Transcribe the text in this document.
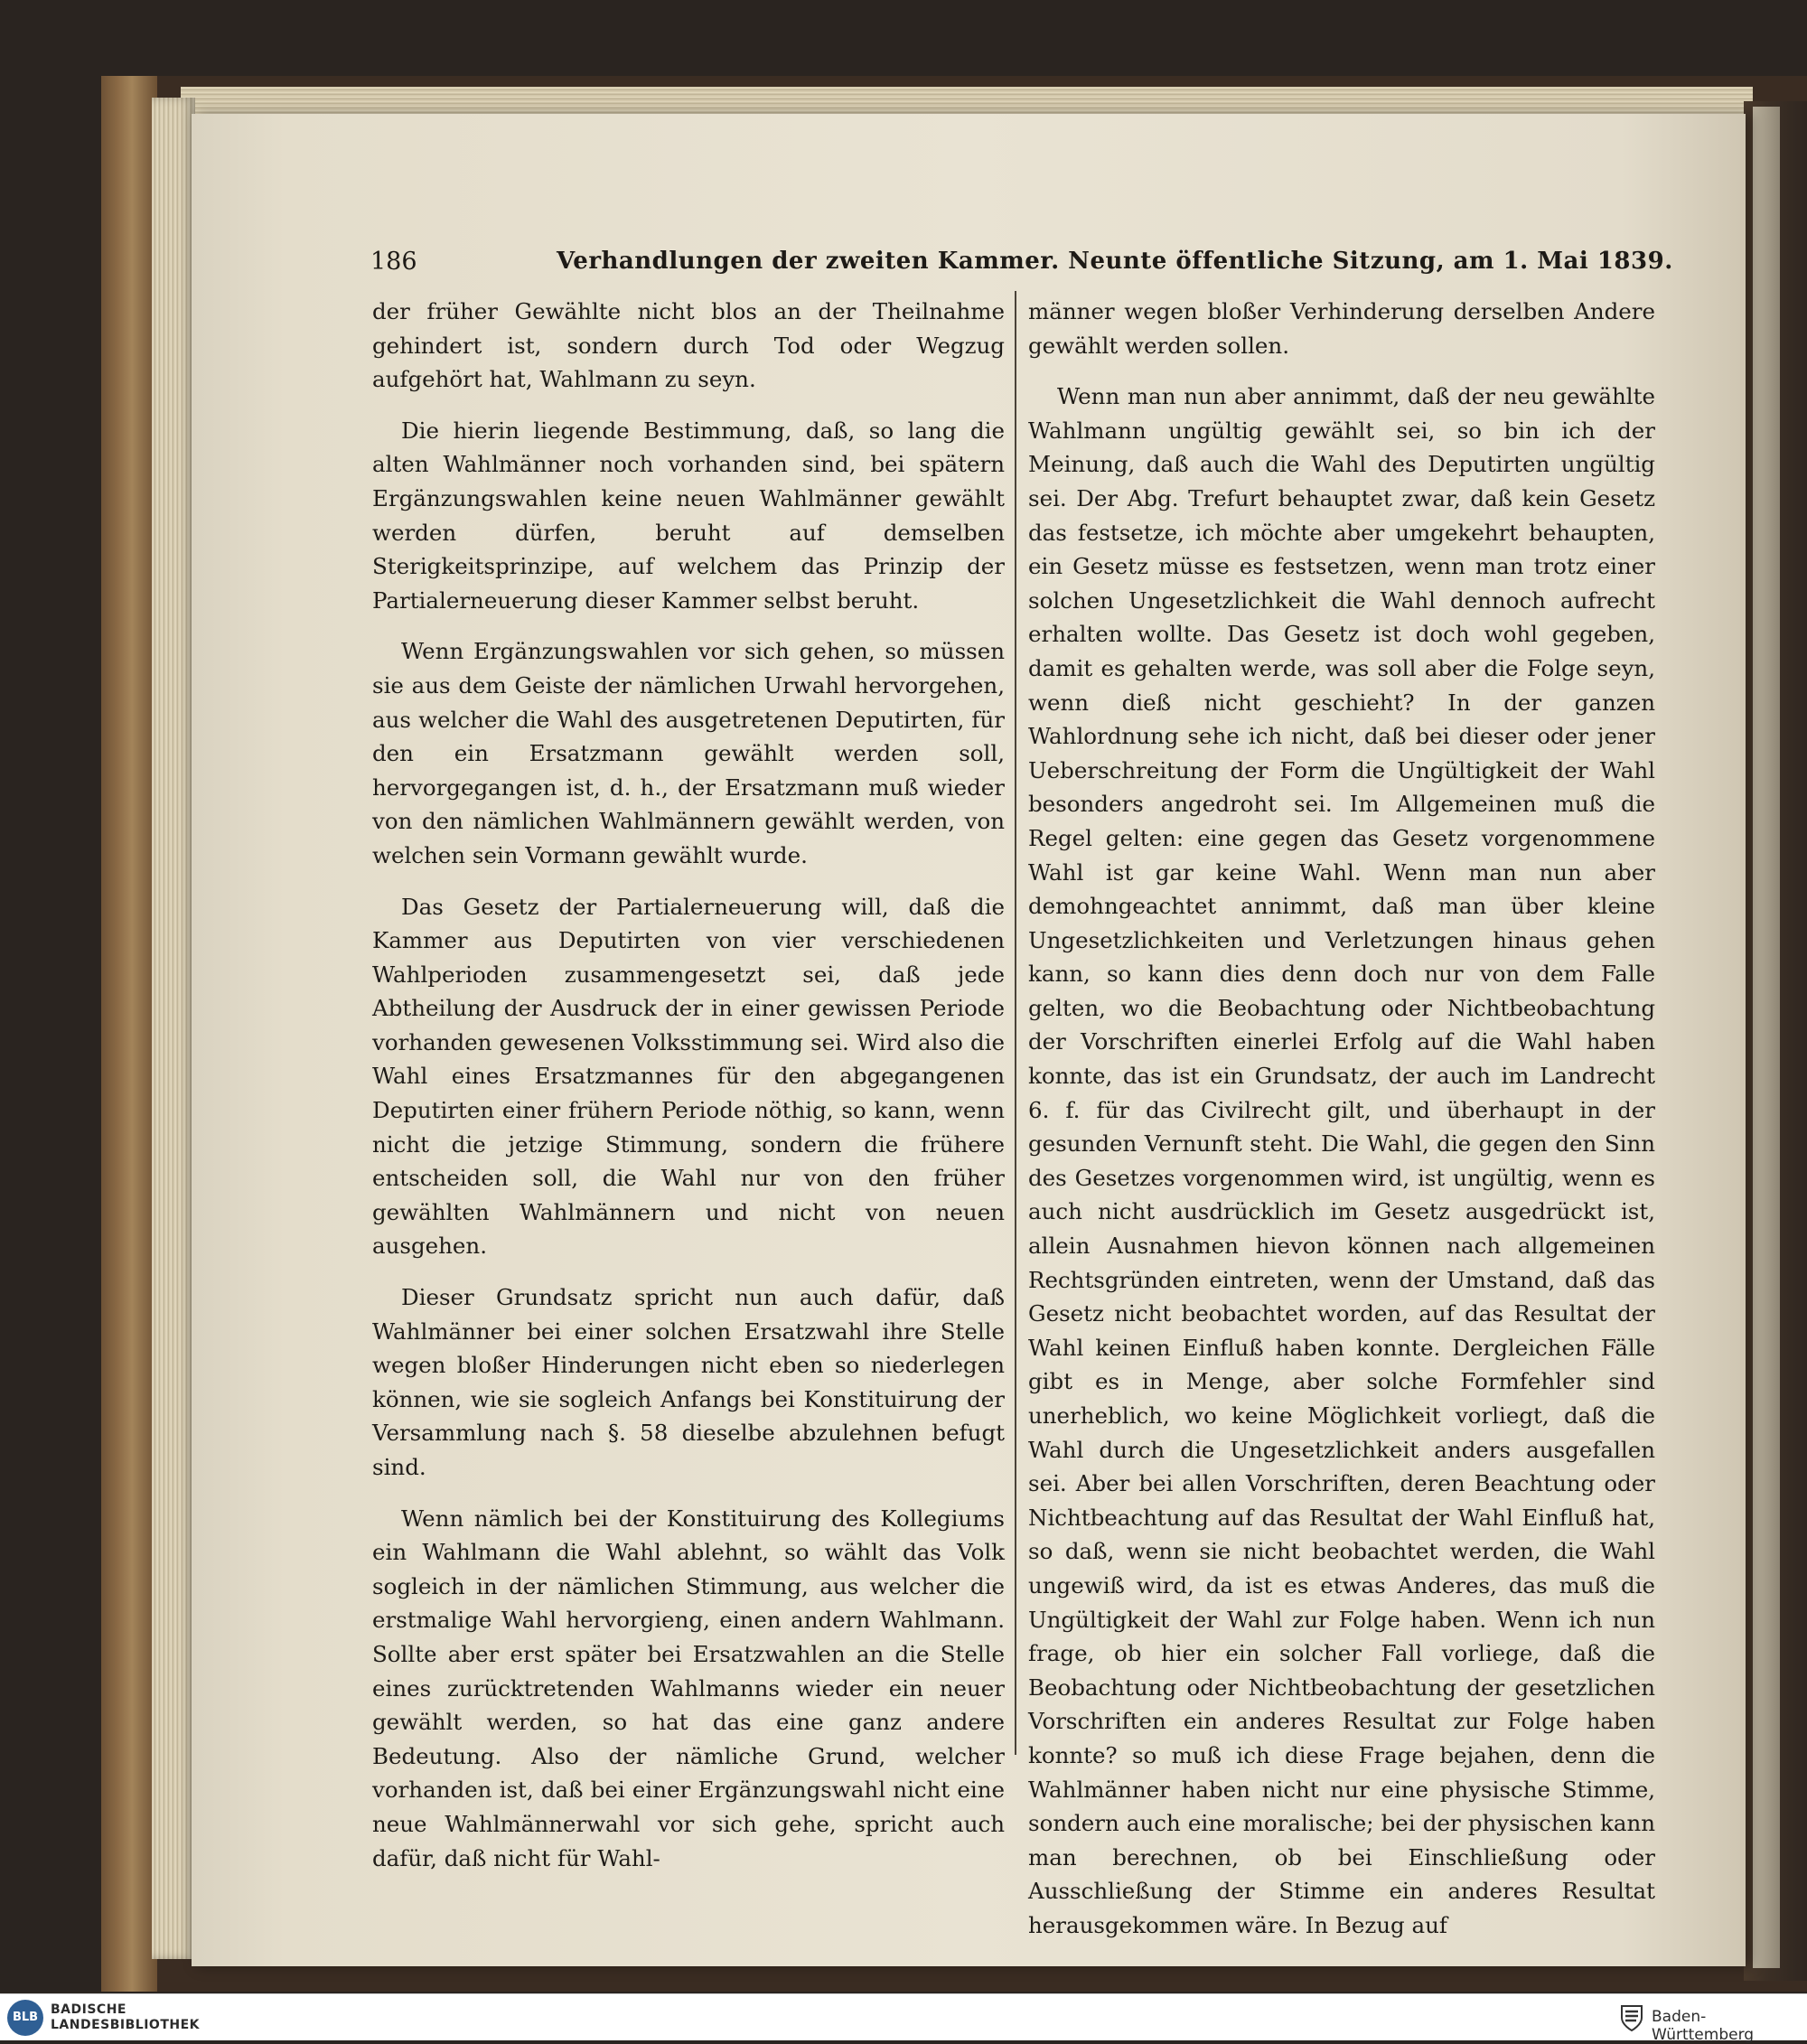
186	Verhandlungen der zweiten Kammer. Neunte öffentliche Sitzung, am 1. Mai 1839.

der früher Gewählte nicht blos an der Theilnahme gehindert ist, sondern durch Tod oder Wegzug aufgehört hat, Wahlmann zu seyn.

Die hierin liegende Bestimmung, daß, so lang die alten Wahlmänner noch vorhanden sind, bei spätern Ergänzungswahlen keine neuen Wahlmänner gewählt werden dürfen, beruht auf demselben Sterigkeitsprinzipe, auf welchem das Prinzip der Partialerneuerung dieser Kammer selbst beruht.

Wenn Ergänzungswahlen vor sich gehen, so müssen sie aus dem Geiste der nämlichen Urwahl hervorgehen, aus welcher die Wahl des ausgetretenen Deputirten, für den ein Ersatzmann gewählt werden soll, hervorgegangen ist, d. h., der Ersatzmann muß wieder von den nämlichen Wahlmännern gewählt werden, von welchen sein Vormann gewählt wurde.

Das Gesetz der Partialerneuerung will, daß die Kammer aus Deputirten von vier verschiedenen Wahlperioden zusammengesetzt sei, daß jede Abtheilung der Ausdruck der in einer gewissen Periode vorhanden gewesenen Volksstimmung sei. Wird also die Wahl eines Ersatzmannes für den abgegangenen Deputirten einer frühern Periode nöthig, so kann, wenn nicht die jetzige Stimmung, sondern die frühere entscheiden soll, die Wahl nur von den früher gewählten Wahlmännern und nicht von neuen ausgehen.

Dieser Grundsatz spricht nun auch dafür, daß Wahlmänner bei einer solchen Ersatzwahl ihre Stelle wegen bloßer Hinderungen nicht eben so niederlegen können, wie sie sogleich Anfangs bei Konstituirung der Versammlung nach §. 58 dieselbe abzulehnen befugt sind.

Wenn nämlich bei der Konstituirung des Kollegiums ein Wahlmann die Wahl ablehnt, so wählt das Volk sogleich in der nämlichen Stimmung, aus welcher die erstmalige Wahl hervorgieng, einen andern Wahlmann. Sollte aber erst später bei Ersatzwahlen an die Stelle eines zurücktretenden Wahlmanns wieder ein neuer gewählt werden, so hat das eine ganz andere Bedeutung. Also der nämliche Grund, welcher vorhanden ist, daß bei einer Ergänzungswahl nicht eine neue Wahlmännerwahl vor sich gehe, spricht auch dafür, daß nicht für Wahl-

männer wegen bloßer Verhinderung derselben Andere gewählt werden sollen.

Wenn man nun aber annimmt, daß der neu gewählte Wahlmann ungültig gewählt sei, so bin ich der Meinung, daß auch die Wahl des Deputirten ungültig sei. Der Abg. Trefurt behauptet zwar, daß kein Gesetz das festsetze, ich möchte aber umgekehrt behaupten, ein Gesetz müsse es festsetzen, wenn man trotz einer solchen Ungesetzlichkeit die Wahl dennoch aufrecht erhalten wollte. Das Gesetz ist doch wohl gegeben, damit es gehalten werde, was soll aber die Folge seyn, wenn dieß nicht geschieht? In der ganzen Wahlordnung sehe ich nicht, daß bei dieser oder jener Ueberschreitung der Form die Ungültigkeit der Wahl besonders angedroht sei. Im Allgemeinen muß die Regel gelten: eine gegen das Gesetz vorgenommene Wahl ist gar keine Wahl. Wenn man nun aber demohngeachtet annimmt, daß man über kleine Ungesetzlichkeiten und Verletzungen hinaus gehen kann, so kann dies denn doch nur von dem Falle gelten, wo die Beobachtung oder Nichtbeobachtung der Vorschriften einerlei Erfolg auf die Wahl haben konnte, das ist ein Grundsatz, der auch im Landrecht 6. f. für das Civilrecht gilt, und überhaupt in der gesunden Vernunft steht. Die Wahl, die gegen den Sinn des Gesetzes vorgenommen wird, ist ungültig, wenn es auch nicht ausdrücklich im Gesetz ausgedrückt ist, allein Ausnahmen hievon können nach allgemeinen Rechtsgründen eintreten, wenn der Umstand, daß das Gesetz nicht beobachtet worden, auf das Resultat der Wahl keinen Einfluß haben konnte. Dergleichen Fälle gibt es in Menge, aber solche Formfehler sind unerheblich, wo keine Möglichkeit vorliegt, daß die Wahl durch die Ungesetzlichkeit anders ausgefallen sei. Aber bei allen Vorschriften, deren Beachtung oder Nichtbeachtung auf das Resultat der Wahl Einfluß hat, so daß, wenn sie nicht beobachtet werden, die Wahl ungewiß wird, da ist es etwas Anderes, das muß die Ungültigkeit der Wahl zur Folge haben. Wenn ich nun frage, ob hier ein solcher Fall vorliege, daß die Beobachtung oder Nichtbeobachtung der gesetzlichen Vorschriften ein anderes Resultat zur Folge haben konnte? so muß ich diese Frage bejahen, denn die Wahlmänner haben nicht nur eine physische Stimme, sondern auch eine moralische; bei der physischen kann man berechnen, ob bei Einschließung oder Ausschließung der Stimme ein anderes Resultat herausgekommen wäre. In Bezug auf

BLB
BADISCHE
LANDESBIBLIOTHEK	Baden-Württemberg
